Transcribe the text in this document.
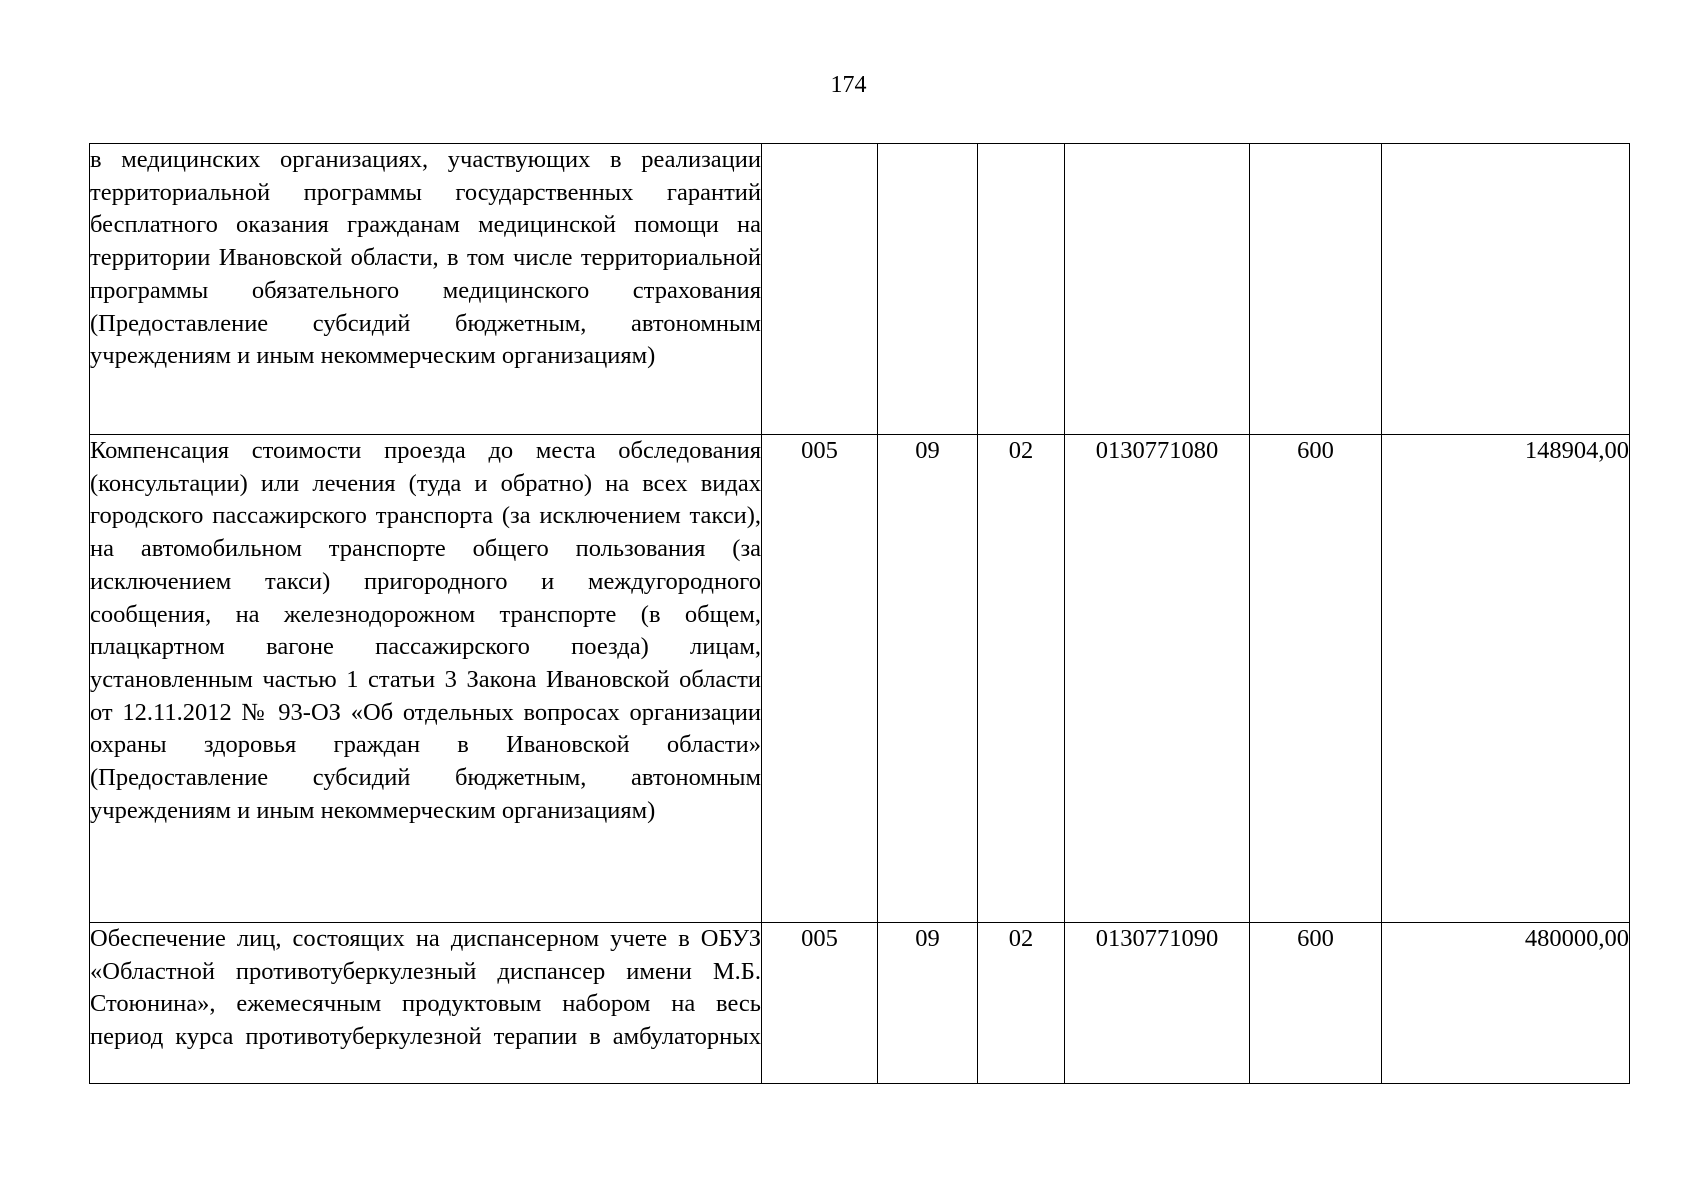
174
в медицинских организациях, участвующих в реализации территориальной программы государственных гарантий бесплатного оказания гражданам медицинской помощи на территории Ивановской области, в том числе территориальной программы обязательного медицинского страхования (Предоставление субсидий бюджетным, автономным учреждениям и иным некоммерческим организациям)						
Компенсация стоимости проезда до места обследования (консультации) или лечения (туда и обратно) на всех видах городского пассажирского транспорта (за исключением такси), на автомобильном транспорте общего пользования (за исключением такси) пригородного и междугородного сообщения, на железнодорожном транспорте (в общем, плацкартном вагоне пассажирского поезда) лицам, установленным частью 1 статьи 3 Закона Ивановской области от 12.11.2012 № 93-ОЗ «Об отдельных вопросах организации охраны здоровья граждан в Ивановской области» (Предоставление субсидий бюджетным, автономным учреждениям и иным некоммерческим организациям)	005	09	02	0130771080	600	148904,00
Обеспечение лиц, состоящих на диспансерном учете в ОБУЗ «Областной противотуберкулезный диспансер имени М.Б. Стоюнина», ежемесячным продуктовым набором на весь период курса противотуберкулезной терапии в амбулаторных	005	09	02	0130771090	600	480000,00
